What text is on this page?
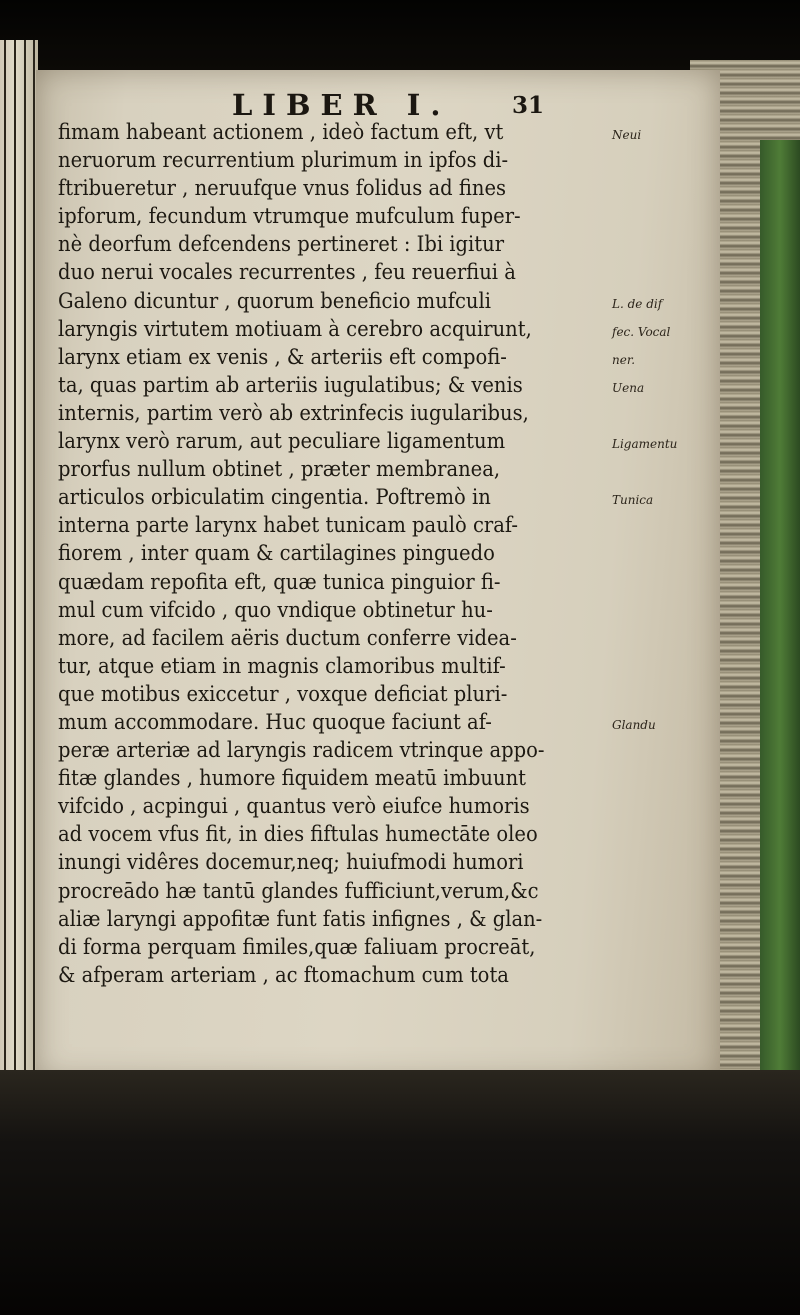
LIBER I.	31
fimam habeant actionem , ideò factum eft, vt
neruorum recurrentium plurimum in ipfos di-
ftribueretur , neruufque vnus folidus ad fines
ipforum, fecundum vtrumque mufculum fuper-
nè deorfum defcendens pertineret : Ibi igitur
duo nerui vocales recurrentes , feu reuerfiui à
Galeno dicuntur , quorum beneficio mufculi
laryngis virtutem motiuam à cerebro acquirunt,
larynx etiam ex venis , & arteriis eft compofi-
ta, quas partim ab arteriis iugulatibus; & venis
internis, partim verò ab extrinfecis iugularibus,
larynx verò rarum, aut peculiare ligamentum
prorfus nullum obtinet , præter membranea,
articulos orbiculatim cingentia. Poftremò in
interna parte larynx habet tunicam paulò craf-
fiorem , inter quam & cartilagines pinguedo
quædam repofita eft, quæ tunica pinguior fi-
mul cum vifcido , quo vndique obtinetur hu-
more, ad facilem aëris ductum conferre videa-
tur, atque etiam in magnis clamoribus multif-
que motibus exiccetur , voxque deficiat pluri-
mum accommodare. Huc quoque faciunt af-
peræ arteriæ ad laryngis radicem vtrinque appo-
fitæ glandes , humore fiquidem meatū imbuunt
vifcido , acpingui , quantus verò eiufce humoris
ad vocem vfus fit, in dies fiftulas humectāte oleo
inungi vidêres docemur,neq; huiufmodi humori
procreādo hæ tantū glandes fufficiunt,verum,&c
aliæ laryngi appofitæ funt fatis infignes , & glan-
di forma perquam fimiles,quæ faliuam procreāt,
& afperam arteriam , ac ftomachum cum tota
Neui
L. de dif
fec. Vocal
ner.
Uena
Ligamentu
Tunica
Glandu
